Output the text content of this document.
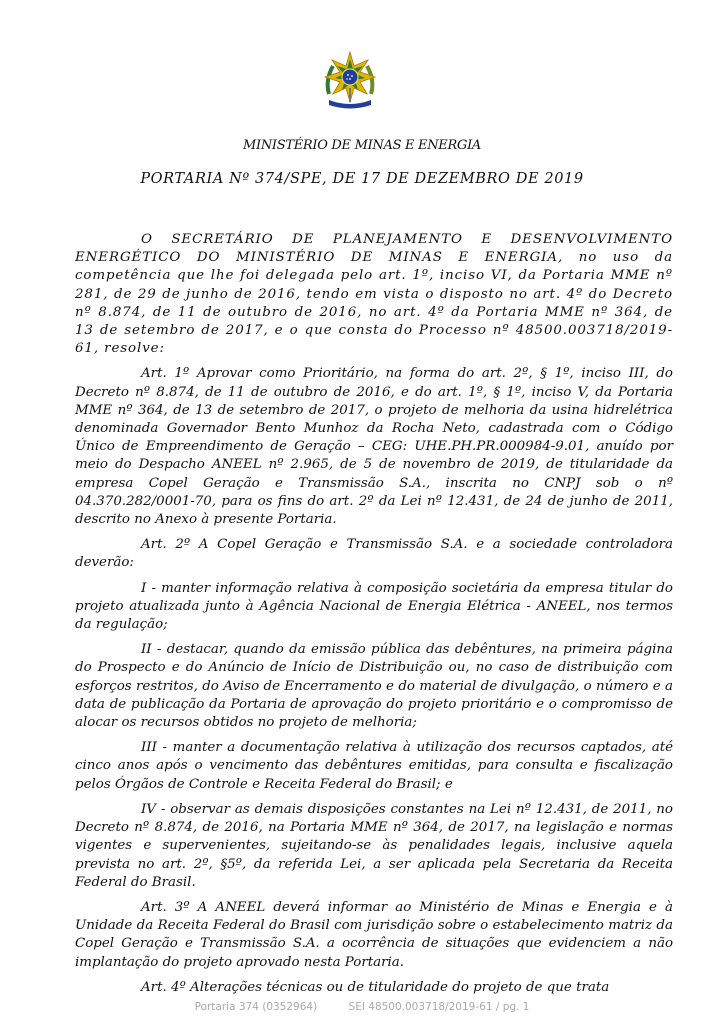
MINISTÉRIO DE MINAS E ENERGIA
PORTARIA Nº 374/SPE, DE 17 DE DEZEMBRO DE 2019

O SECRETÁRIO DE PLANEJAMENTO E DESENVOLVIMENTO ENERGÉTICO DO MINISTÉRIO DE MINAS E ENERGIA, no uso da competência que lhe foi delegada pelo art. 1º, inciso VI, da Portaria MME nº 281, de 29 de junho de 2016, tendo em vista o disposto no art. 4º do Decreto nº 8.874, de 11 de outubro de 2016, no art. 4º da Portaria MME nº 364, de 13 de setembro de 2017, e o que consta do Processo nº 48500.003718/2019-61, resolve:

Art. 1º Aprovar como Prioritário, na forma do art. 2º, § 1º, inciso III, do Decreto nº 8.874, de 11 de outubro de 2016, e do art. 1º, § 1º, inciso V, da Portaria MME nº 364, de 13 de setembro de 2017, o projeto de melhoria da usina hidrelétrica denominada Governador Bento Munhoz da Rocha Neto, cadastrada com o Código Único de Empreendimento de Geração – CEG: UHE.PH.PR.000984-9.01, anuído por meio do Despacho ANEEL nº 2.965, de 5 de novembro de 2019, de titularidade da empresa Copel Geração e Transmissão S.A., inscrita no CNPJ sob o nº 04.370.282/0001-70, para os fins do art. 2º da Lei nº 12.431, de 24 de junho de 2011, descrito no Anexo à presente Portaria.

Art. 2º A Copel Geração e Transmissão S.A. e a sociedade controladora deverão:

I - manter informação relativa à composição societária da empresa titular do projeto atualizada junto à Agência Nacional de Energia Elétrica - ANEEL, nos termos da regulação;

II - destacar, quando da emissão pública das debêntures, na primeira página do Prospecto e do Anúncio de Início de Distribuição ou, no caso de distribuição com esforços restritos, do Aviso de Encerramento e do material de divulgação, o número e a data de publicação da Portaria de aprovação do projeto prioritário e o compromisso de alocar os recursos obtidos no projeto de melhoria;

III - manter a documentação relativa à utilização dos recursos captados, até cinco anos após o vencimento das debêntures emitidas, para consulta e fiscalização pelos Órgãos de Controle e Receita Federal do Brasil; e

IV - observar as demais disposições constantes na Lei nº 12.431, de 2011, no Decreto nº 8.874, de 2016, na Portaria MME nº 364, de 2017, na legislação e normas vigentes e supervenientes, sujeitando-se às penalidades legais, inclusive aquela prevista no art. 2º, §5º, da referida Lei, a ser aplicada pela Secretaria da Receita Federal do Brasil.

Art. 3º A ANEEL deverá informar ao Ministério de Minas e Energia e à Unidade da Receita Federal do Brasil com jurisdição sobre o estabelecimento matriz da Copel Geração e Transmissão S.A. a ocorrência de situações que evidenciem a não implantação do projeto aprovado nesta Portaria.

Art. 4º Alterações técnicas ou de titularidade do projeto de que trata

Portaria 374 (0352964)	SEI 48500.003718/2019-61 / pg. 1
